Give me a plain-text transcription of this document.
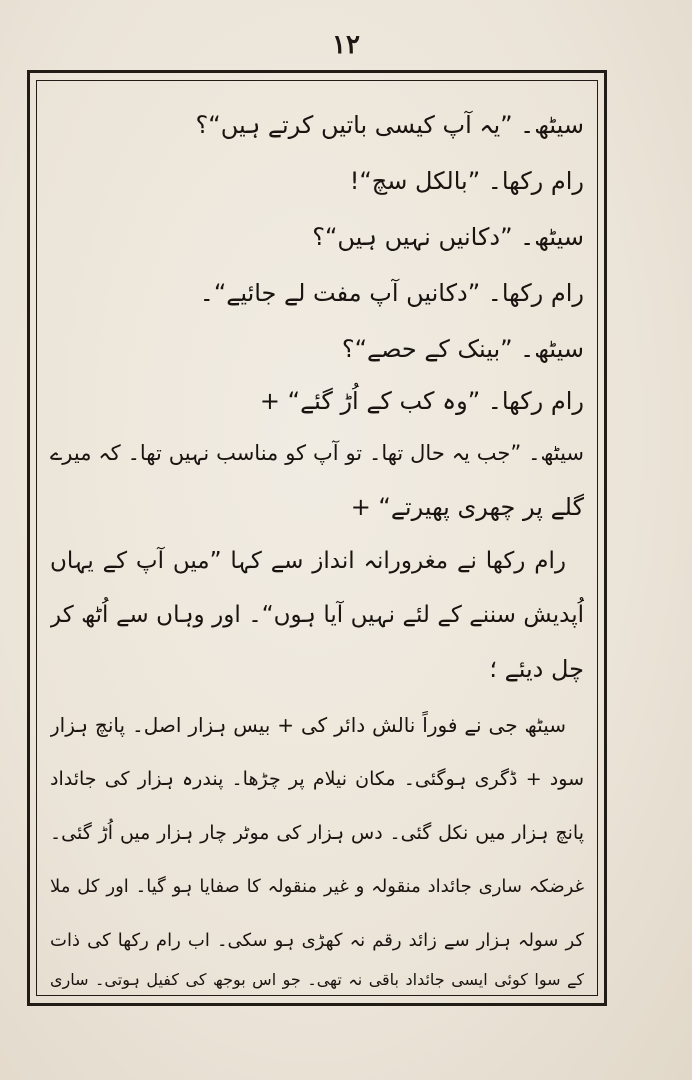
۱۲
سیٹھ۔ ”یہ آپ کیسی باتیں کرتے ہیں“؟
رام رکھا۔ ”بالکل سچ“!
سیٹھ۔ ”دکانیں نہیں ہیں“؟
رام رکھا۔ ”دکانیں آپ مفت لے جائیے“۔
سیٹھ۔ ”بینک کے حصے“؟
رام رکھا۔ ”وہ کب کے اُڑ گئے“ +
سیٹھ۔ ”جب یہ حال تھا۔ تو آپ کو مناسب نہیں تھا۔ کہ میرے
گلے پر چھری پھیرتے“ +
رام رکھا نے مغرورانہ انداز سے کہا ”میں آپ کے یہاں
اُپدیش سننے کے لئے نہیں آیا ہوں“۔ اور وہاں سے اُٹھ کر
چل دیئے ؛
سیٹھ جی نے فوراً نالش دائر کی + بیس ہزار اصل۔ پانچ ہزار
سود + ڈگری ہوگئی۔ مکان نیلام پر چڑھا۔ پندرہ ہزار کی جائداد
پانچ ہزار میں نکل گئی۔ دس ہزار کی موٹر چار ہزار میں اُڑ گئی۔
غرضکہ ساری جائداد منقولہ و غیر منقولہ کا صفایا ہو گیا۔ اور کل ملا
کر سولہ ہزار سے زائد رقم نہ کھڑی ہو سکی۔ اب رام رکھا کی ذات
کے سوا کوئی ایسی جائداد باقی نہ تھی۔ جو اس بوجھ کی کفیل ہوتی۔ ساری
